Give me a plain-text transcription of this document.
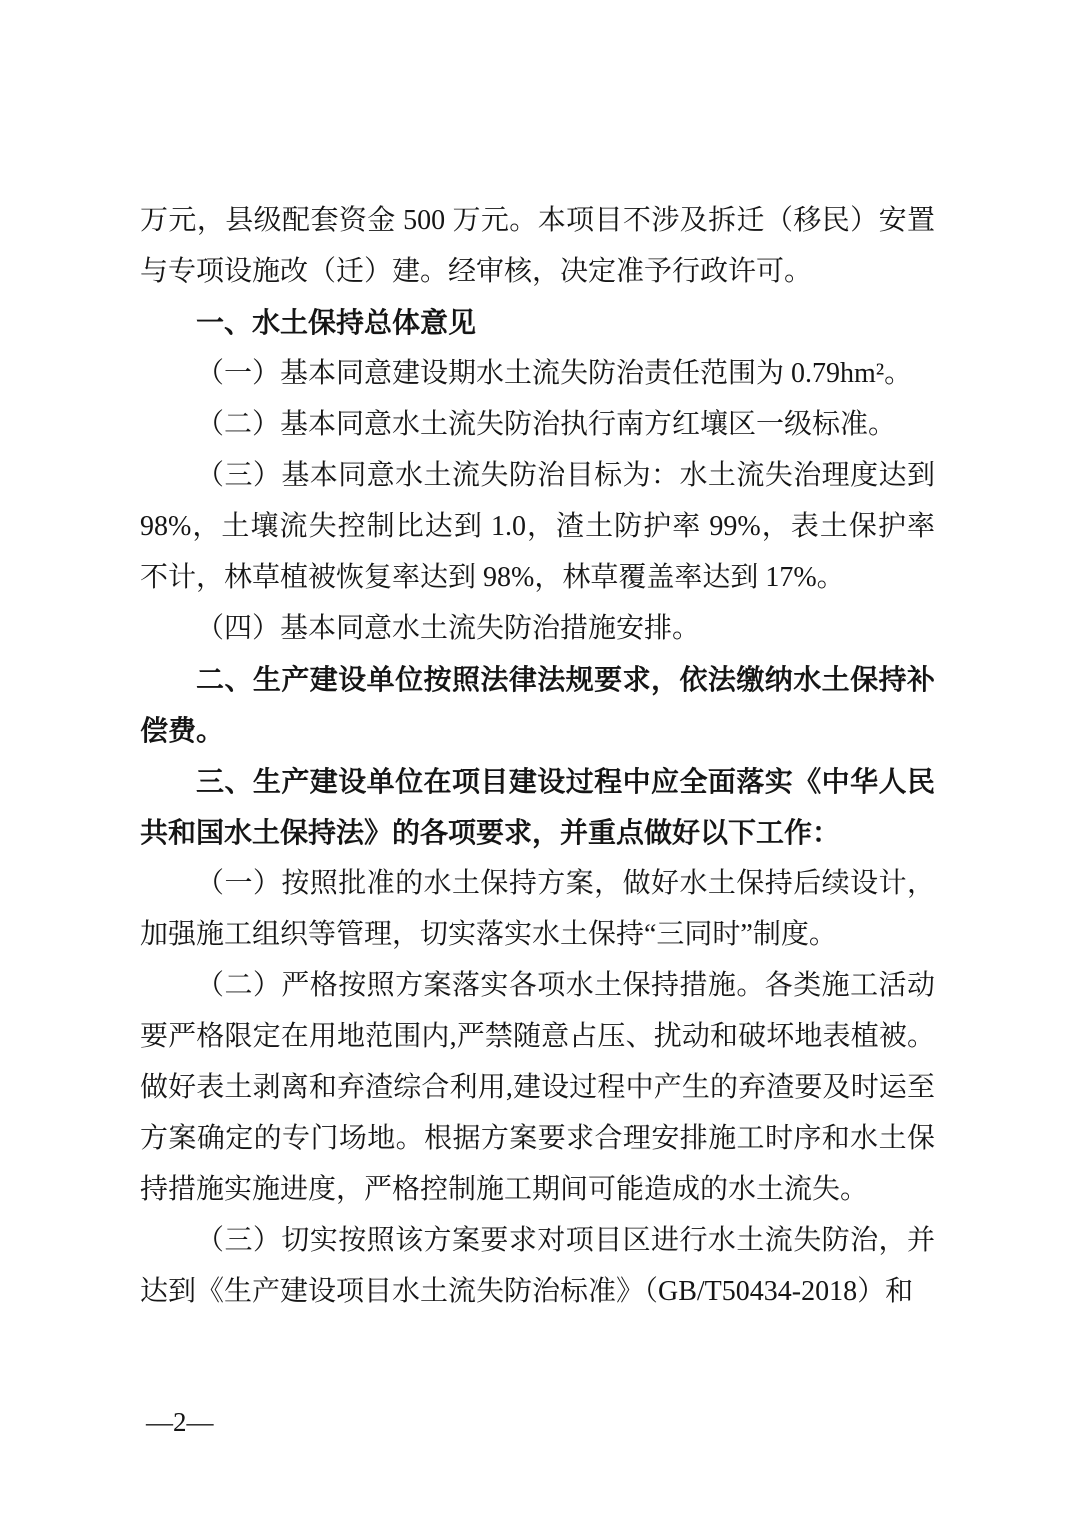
万元，县级配套资金 500 万元。本项目不涉及拆迁（移民）安置与专项设施改（迁）建。经审核，决定准予行政许可。

一、水土保持总体意见

（一）基本同意建设期水土流失防治责任范围为 0.79hm²。

（二）基本同意水土流失防治执行南方红壤区一级标准。

（三）基本同意水土流失防治目标为：水土流失治理度达到 98%，土壤流失控制比达到 1.0，渣土防护率 99%，表土保护率不计，林草植被恢复率达到 98%，林草覆盖率达到 17%。

（四）基本同意水土流失防治措施安排。

二、生产建设单位按照法律法规要求，依法缴纳水土保持补偿费。

三、生产建设单位在项目建设过程中应全面落实《中华人民共和国水土保持法》的各项要求，并重点做好以下工作：

（一）按照批准的水土保持方案，做好水土保持后续设计，加强施工组织等管理，切实落实水土保持“三同时”制度。

（二）严格按照方案落实各项水土保持措施。各类施工活动要严格限定在用地范围内,严禁随意占压、扰动和破坏地表植被。做好表土剥离和弃渣综合利用,建设过程中产生的弃渣要及时运至方案确定的专门场地。根据方案要求合理安排施工时序和水土保持措施实施进度，严格控制施工期间可能造成的水土流失。

（三）切实按照该方案要求对项目区进行水土流失防治，并达到《生产建设项目水土流失防治标准》（GB/T50434-2018）和

—2—
